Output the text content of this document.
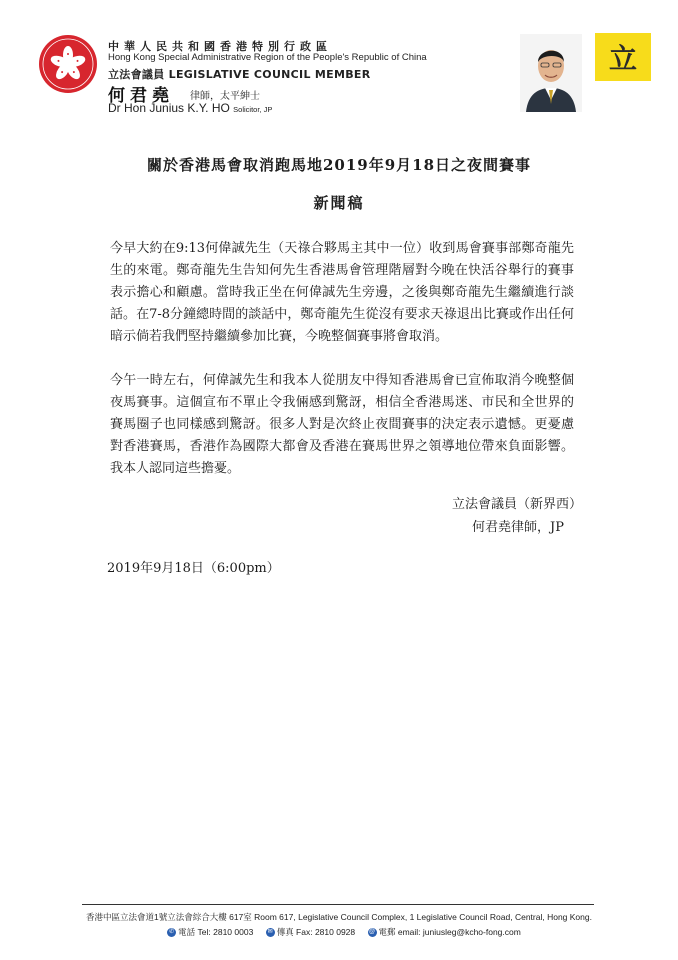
中華人民共和國香港特別行政區
Hong Kong Special Administrative Region of the People's Republic of China
立法會議員 LEGISLATIVE COUNCIL MEMBER
何君堯 律師，太平紳士
Dr Hon Junius K.Y. HO Solicitor, JP
立
關於香港馬會取消跑馬地2019年9月18日之夜間賽事
新聞稿

今早大約在9:13何偉誠先生（天祿合夥馬主其中一位）收到馬會賽事部鄭奇龍先生的來電。鄭奇龍先生告知何先生香港馬會管理階層對今晚在快活谷舉行的賽事表示擔心和顧慮。當時我正坐在何偉誠先生旁邊，之後與鄭奇龍先生繼續進行談話。在7-8分鐘總時間的談話中，鄭奇龍先生從沒有要求天祿退出比賽或作出任何暗示倘若我們堅持繼續參加比賽，今晚整個賽事將會取消。

今午一時左右，何偉誠先生和我本人從朋友中得知香港馬會已宣佈取消今晚整個夜馬賽事。這個宣布不單止令我倆感到驚訝，相信全香港馬迷、市民和全世界的賽馬圈子也同樣感到驚訝。很多人對是次終止夜間賽事的決定表示遺憾。更憂慮對香港賽馬，香港作為國際大都會及香港在賽馬世界之領導地位帶來負面影響。我本人認同這些擔憂。

立法會議員（新界西）
何君堯律師，JP
2019年9月18日（6:00pm）
香港中區立法會道1號立法會綜合大樓 617室 Room 617, Legislative Council Complex, 1 Legislative Council Road, Central, Hong Kong.
✆ 電話 Tel: 2810 0003 ✉ 傳真 Fax: 2810 0928 @ 電郵 email: juniusleg@kcho-fong.com
